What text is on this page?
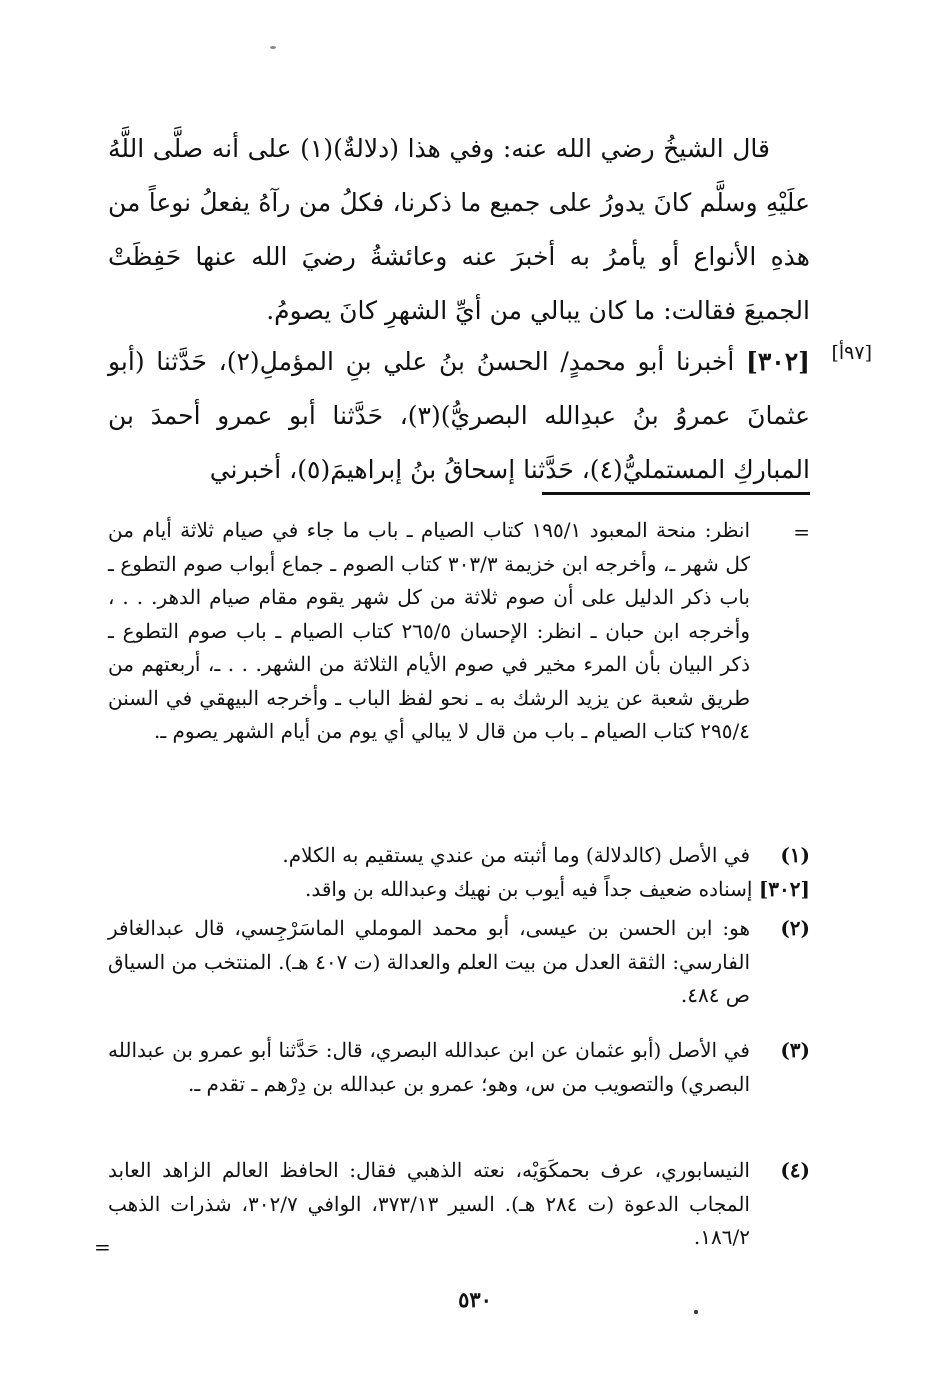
قال الشيخُ رضي الله عنه: وفي هذا (دلالةٌ)(١) على أنه صلَّى اللَّهُ علَيْهِ وسلَّم كانَ يدورُ على جميع ما ذكرنا، فكلُ من رآهُ يفعلُ نوعاً من هذهِ الأنواع أو يأمرُ به أخبرَ عنه وعائشةُ رضيَ الله عنها حَفِظَتْ الجميعَ فقالت: ما كان يبالي من أيِّ الشهرِ كانَ يصومُ.

[٩٧أ]

[٣٠٢] أخبرنا أبو محمدٍ/ الحسنُ بنُ علي بنِ المؤملِ(٢)، حَدَّثنا (أبو عثمانَ عمروُ بنُ عبدِالله البصريُّ)(٣)، حَدَّثنا أبو عمرو أحمدَ بن المباركِ المستمليُّ(٤)، حَدَّثنا إسحاقُ بنُ إبراهيمَ(٥)، أخبرني

=

انظر: منحة المعبود ١٩٥/١ كتاب الصيام ـ باب ما جاء في صيام ثلاثة أيام من كل شهر ـ، وأخرجه ابن خزيمة ٣٠٣/٣ كتاب الصوم ـ جماع أبواب صوم التطوع ـ باب ذكر الدليل على أن صوم ثلاثة من كل شهر يقوم مقام صيام الدهر. . . ، وأخرجه ابن حبان ـ انظر: الإحسان ٢٦٥/٥ كتاب الصيام ـ باب صوم التطوع ـ ذكر البيان بأن المرء مخير في صوم الأيام الثلاثة من الشهر. . . ـ، أربعتهم من طريق شعبة عن يزيد الرشك به ـ نحو لفظ الباب ـ وأخرجه البيهقي في السنن ٢٩٥/٤ كتاب الصيام ـ باب من قال لا يبالي أي يوم من أيام الشهر يصوم ـ.

(١)
في الأصل (كالدلالة) وما أثبته من عندي يستقيم به الكلام.
[٣٠٢] إسناده ضعيف جداً فيه أيوب بن نهيك وعبدالله بن واقد.
(٢)
هو: ابن الحسن بن عيسى، أبو محمد الموملي الماسَرْجِسي، قال عبدالغافر الفارسي: الثقة العدل من بيت العلم والعدالة (ت ٤٠٧ هـ). المنتخب من السياق ص ٤٨٤.
(٣)
في الأصل (أبو عثمان عن ابن عبدالله البصري، قال: حَدَّثنا أبو عمرو بن عبدالله البصري) والتصويب من س، وهو؛ عمرو بن عبدالله بن دِرْهم ـ تقدم ـ.
(٤)
النيسابوري، عرف بحمكَوَيْه، نعته الذهبي فقال: الحافظ العالم الزاهد العابد المجاب الدعوة (ت ٢٨٤ هـ). السير ٣٧٣/١٣، الوافي ٣٠٢/٧، شذرات الذهب ١٨٦/٢.
=
٥٣٠
